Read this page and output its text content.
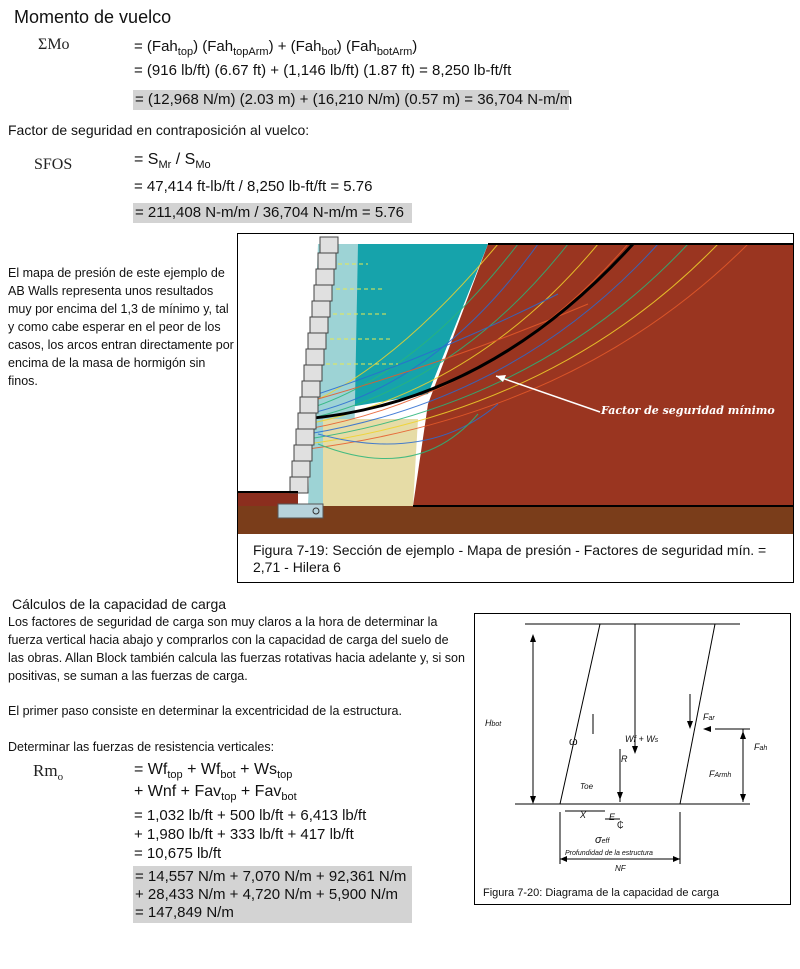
Momento de vuelco
ΣMo	= (Fah$_{top}$) (Fah$_{topArm}$) + (Fah$_{bot}$) (Fah$_{botArm}$)
= (916 lb/ft) (6.67 ft) + (1,146 lb/ft) (1.87 ft) = 8,250 lb-ft/ft
= (12,968 N/m) (2.03 m) + (16,210 N/m) (0.57 m) = 36,704 N-m/m
Factor de seguridad en contraposición al vuelco:
SFOS	= $S_{Mr} / S_{Mo}$
= 47,414 ft-lb/ft / 8,250 lb-ft/ft = 5.76
= 211,408 N-m/m / 36,704 N-m/m = 5.76
El mapa de presión de este ejemplo de AB Walls representa unos resultados muy por encima del 1,3 de mínimo y, tal y como cabe esperar en el peor de los casos, los arcos entran directamente por encima de la masa de hormigón sin finos.
Factor de seguridad mínimo
Figura 7-19: Sección de ejemplo - Mapa de presión - Factores de seguridad mín. = 2,71 - Hilera 6
Cálculos de la capacidad de carga
Los factores de seguridad de carga son muy claros a la hora de determinar la fuerza vertical hacia abajo y comprarlos con la capacidad de carga del suelo de las obras. Allan Block también calcula las fuerzas rotativas hacia adelante y, si son positivas, se suman a las fuerzas de carga.
El primer paso consiste en determinar la excentricidad de la estructura.
Determinar las fuerzas de resistencia verticales:
$Rm_o$	= $Wf_{top} + Wf_{bot} + Ws_{top}$
+ Wnf + Fav$_{top}$ + Fav$_{bot}$
= 1,032 lb/ft + 500 lb/ft + 6,413 lb/ft
+ 1,980 lb/ft + 333 lb/ft + 417 lb/ft
= 10,675 lb/ft
= 14,557 N/m + 7,070 N/m + 92,361 N/m
+ 28,433 N/m + 4,720 N/m + 5,900 N/m
= 147,849 N/m
Hbot
ω
Far
Fah
FArmh
Wf + Ws
R
Toe
X	E
₵
σeff
Profundidad de la estructura
NF
Figura 7-20: Diagrama de la capacidad de carga
